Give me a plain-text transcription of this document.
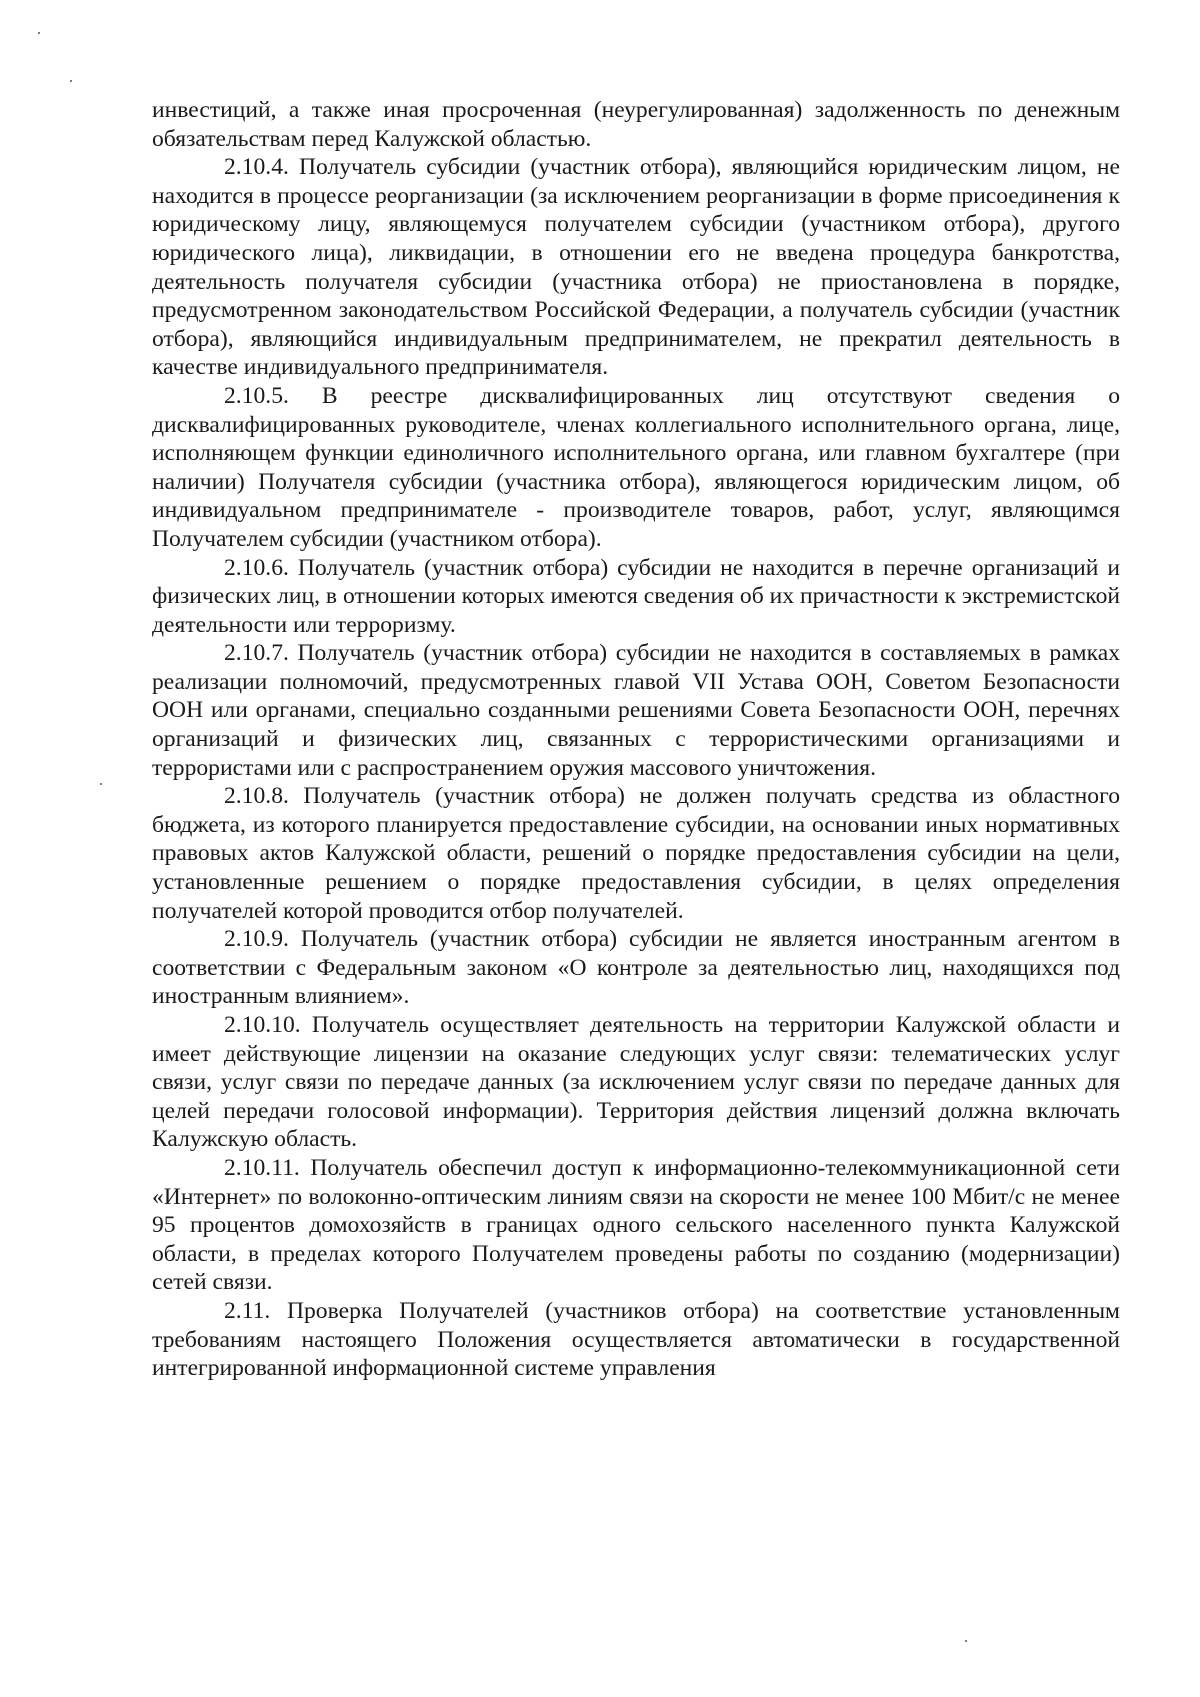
инвестиций, а также иная просроченная (неурегулированная) задолженность по денежным обязательствам перед Калужской областью.

2.10.4. Получатель субсидии (участник отбора), являющийся юридическим лицом, не находится в процессе реорганизации (за исключением реорганизации в форме присоединения к юридическому лицу, являющемуся получателем субсидии (участником отбора), другого юридического лица), ликвидации, в отношении его не введена процедура банкротства, деятельность получателя субсидии (участника отбора) не приостановлена в порядке, предусмотренном законодательством Российской Федерации, а получатель субсидии (участник отбора), являющийся индивидуальным предпринимателем, не прекратил деятельность в качестве индивидуального предпринимателя.

2.10.5. В реестре дисквалифицированных лиц отсутствуют сведения о дисквалифицированных руководителе, членах коллегиального исполнительного органа, лице, исполняющем функции единоличного исполнительного органа, или главном бухгалтере (при наличии) Получателя субсидии (участника отбора), являющегося юридическим лицом, об индивидуальном предпринимателе - производителе товаров, работ, услуг, являющимся Получателем субсидии (участником отбора).

2.10.6. Получатель (участник отбора) субсидии не находится в перечне организаций и физических лиц, в отношении которых имеются сведения об их причастности к экстремистской деятельности или терроризму.

2.10.7. Получатель (участник отбора) субсидии не находится в составляемых в рамках реализации полномочий, предусмотренных главой VII Устава ООН, Советом Безопасности ООН или органами, специально созданными решениями Совета Безопасности ООН, перечнях организаций и физических лиц, связанных с террористическими организациями и террористами или с распространением оружия массового уничтожения.

2.10.8. Получатель (участник отбора) не должен получать средства из областного бюджета, из которого планируется предоставление субсидии, на основании иных нормативных правовых актов Калужской области, решений о порядке предоставления субсидии на цели, установленные решением о порядке предоставления субсидии, в целях определения получателей которой проводится отбор получателей.

2.10.9. Получатель (участник отбора) субсидии не является иностранным агентом в соответствии с Федеральным законом «О контроле за деятельностью лиц, находящихся под иностранным влиянием».

2.10.10. Получатель осуществляет деятельность на территории Калужской области и имеет действующие лицензии на оказание следующих услуг связи: телематических услуг связи, услуг связи по передаче данных (за исключением услуг связи по передаче данных для целей передачи голосовой информации). Территория действия лицензий должна включать Калужскую область.

2.10.11. Получатель обеспечил доступ к информационно-телекоммуникационной сети «Интернет» по волоконно-оптическим линиям связи на скорости не менее 100 Мбит/с не менее 95 процентов домохозяйств в границах одного сельского населенного пункта Калужской области, в пределах которого Получателем проведены работы по созданию (модернизации) сетей связи.

2.11. Проверка Получателей (участников отбора) на соответствие установленным требованиям настоящего Положения осуществляется автоматически в государственной интегрированной информационной системе управления
